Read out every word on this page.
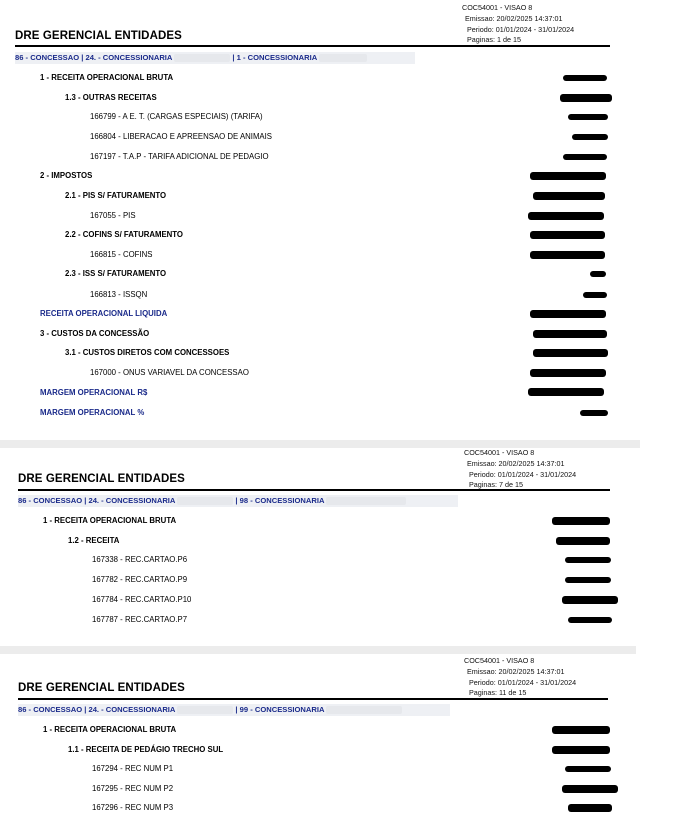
COC54001 - VISAO 8
Emissao: 20/02/2025 14:37:01
Periodo: 01/01/2024 - 31/01/2024
Paginas: 1 de 15
DRE GERENCIAL ENTIDADES
86 - CONCESSAO | 24. - CONCESSIONARIA	| 1 - CONCESSIONARIA
1 - RECEITA OPERACIONAL BRUTA
1.3 - OUTRAS RECEITAS
166799 - A E. T. (CARGAS ESPECIAIS) (TARIFA)
166804 - LIBERACAO E APREENSAO DE ANIMAIS
167197 - T.A.P - TARIFA ADICIONAL DE PEDAGIO
2 - IMPOSTOS
2.1 - PIS S/ FATURAMENTO
167055 - PIS
2.2 - COFINS S/ FATURAMENTO
166815 - COFINS
2.3 - ISS S/ FATURAMENTO
166813 - ISSQN
RECEITA OPERACIONAL LIQUIDA
3 - CUSTOS DA CONCESSÃO
3.1 - CUSTOS DIRETOS COM CONCESSOES
167000 - ONUS VARIAVEL DA CONCESSAO
MARGEM OPERACIONAL R$
MARGEM OPERACIONAL %
COC54001 - VISAO 8
Emissao: 20/02/2025 14:37:01
Periodo: 01/01/2024 - 31/01/2024
Paginas: 7 de 15
DRE GERENCIAL ENTIDADES
86 - CONCESSAO | 24. - CONCESSIONARIA	| 98 - CONCESSIONARIA
1 - RECEITA OPERACIONAL BRUTA
1.2 - RECEITA
167338 - REC.CARTAO.P6
167782 - REC.CARTAO.P9
167784 - REC.CARTAO.P10
167787 - REC.CARTAO.P7
COC54001 - VISAO 8
Emissao: 20/02/2025 14:37:01
Periodo: 01/01/2024 - 31/01/2024
Paginas: 11 de 15
DRE GERENCIAL ENTIDADES
86 - CONCESSAO | 24. - CONCESSIONARIA	| 99 - CONCESSIONARIA
1 - RECEITA OPERACIONAL BRUTA
1.1 - RECEITA DE PEDÁGIO TRECHO SUL
167294 - REC NUM P1
167295 - REC NUM P2
167296 - REC NUM P3
